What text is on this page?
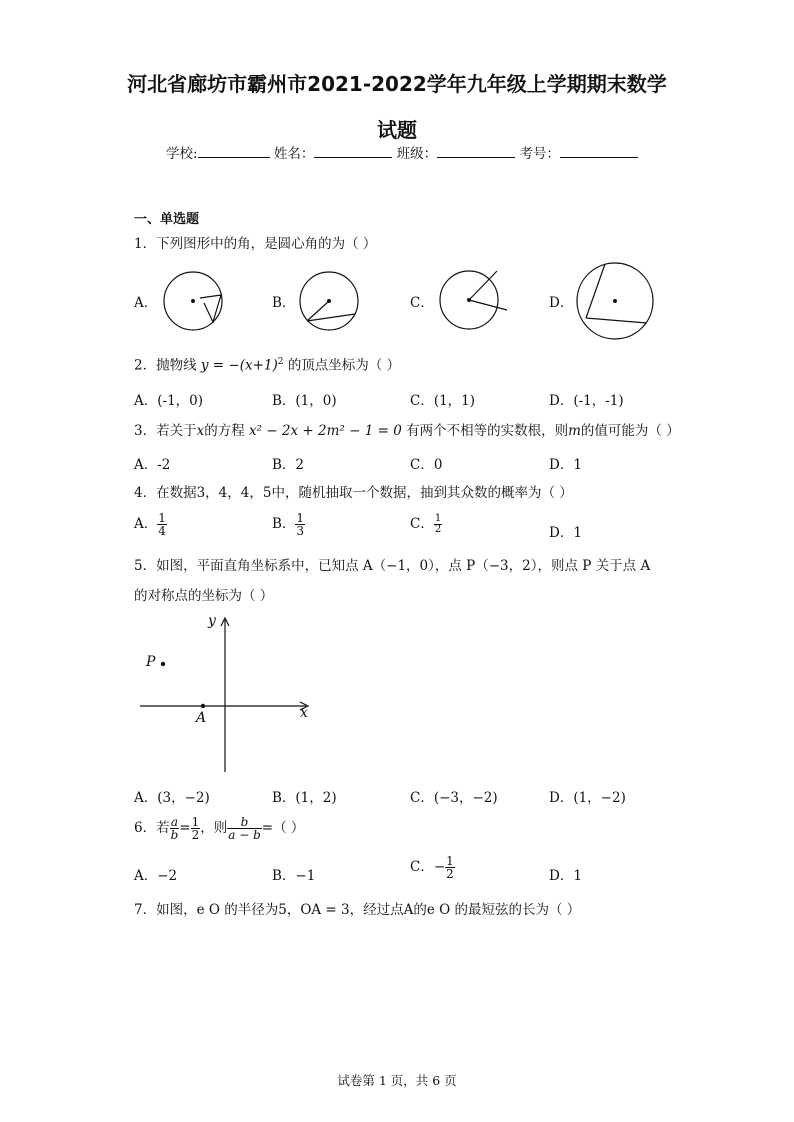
河北省廊坊市霸州市2021-2022学年九年级上学期期末数学
试题
学校:	姓名：	班级：	考号：
一、单选题
1．下列图形中的角，是圆心角的为（ ）
A．	B．	C．	D．
2．抛物线 $y = -(x+1)^2$ 的顶点坐标为（ ）
A．(-1，0)	B．(1，0)	C．(1，1)	D．(-1，-1)
3．若关于x的方程 x² − 2x + 2m² − 1 = 0 有两个不相等的实数根，则m的值可能为（ ）
A．-2	B．2	C．0	D．1
4．在数据3，4，4，5中，随机抽取一个数据，抽到其众数的概率为（ ）
A． $\frac{1}{4}$	B． $\frac{1}{3}$	C． $\frac{1}{2}$	D．1
5．如图，平面直角坐标系中，已知点 A（−1，0），点 P（−3，2），则点 P 关于点 A
的对称点的坐标为（ ）
y
x
P
A
A．(3，−2)	B．(1，2)	C．(−3，−2)	D．(1，−2)
6．若 $\frac{a}{b} = \frac{1}{2}$ ，则 $\frac{b}{a - b}$ =（ ）
A．−2	B．−1
C．− $\frac{1}{2}$	D．1
7．如图，e O 的半径为5，OA = 3，经过点A的e O 的最短弦的长为（ ）
试卷第 1 页，共 6 页
